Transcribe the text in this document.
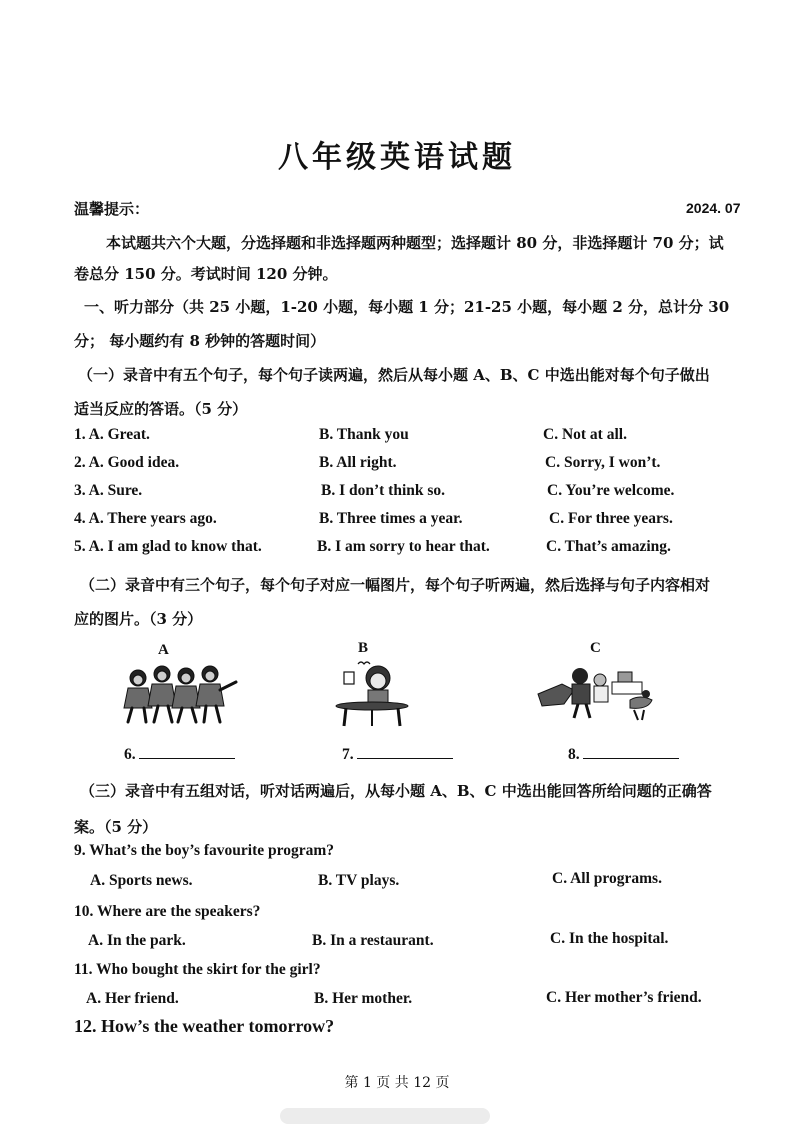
八年级英语试题
温馨提示：	2024. 07
本试题共六个大题，分选择题和非选择题两种题型；选择题计 80 分，非选择题计 70 分；试
卷总分 150 分。考试时间 120 分钟。
一、听力部分（共 25 小题，1-20 小题，每小题 1 分；21-25 小题，每小题 2 分，总计分 30
分； 每小题约有 8 秒钟的答题时间）
（一）录音中有五个句子，每个句子读两遍，然后从每小题 A、B、C 中选出能对每个句子做出
适当反应的答语。（5 分）
1. A. Great.	B. Thank you	C. Not at all.
2. A. Good idea.	B. All right.	C. Sorry, I won’t.
3. A. Sure.	B. I don’t think so.	C. You’re welcome.
4. A. There years ago.	B. Three times a year.	C. For three years.
5. A. I am glad to know that.	B. I am sorry to hear that.	C. That’s amazing.
（二）录音中有三个句子，每个句子对应一幅图片，每个句子听两遍，然后选择与句子内容相对
应的图片。（3 分）
A	B	C
6.	7.	8.
（三）录音中有五组对话，听对话两遍后，从每小题 A、B、C 中选出能回答所给问题的正确答
案。（5 分）
9. What’s the boy’s favourite program?
A. Sports news.	B. TV plays.	C. All programs.
10. Where are the speakers?
A. In the park.	B. In a restaurant.	C. In the hospital.
11. Who bought the skirt for the girl?
A. Her friend.	B. Her mother.	C. Her mother’s friend.
12. How’s the weather tomorrow?
第 1 页 共 12 页
